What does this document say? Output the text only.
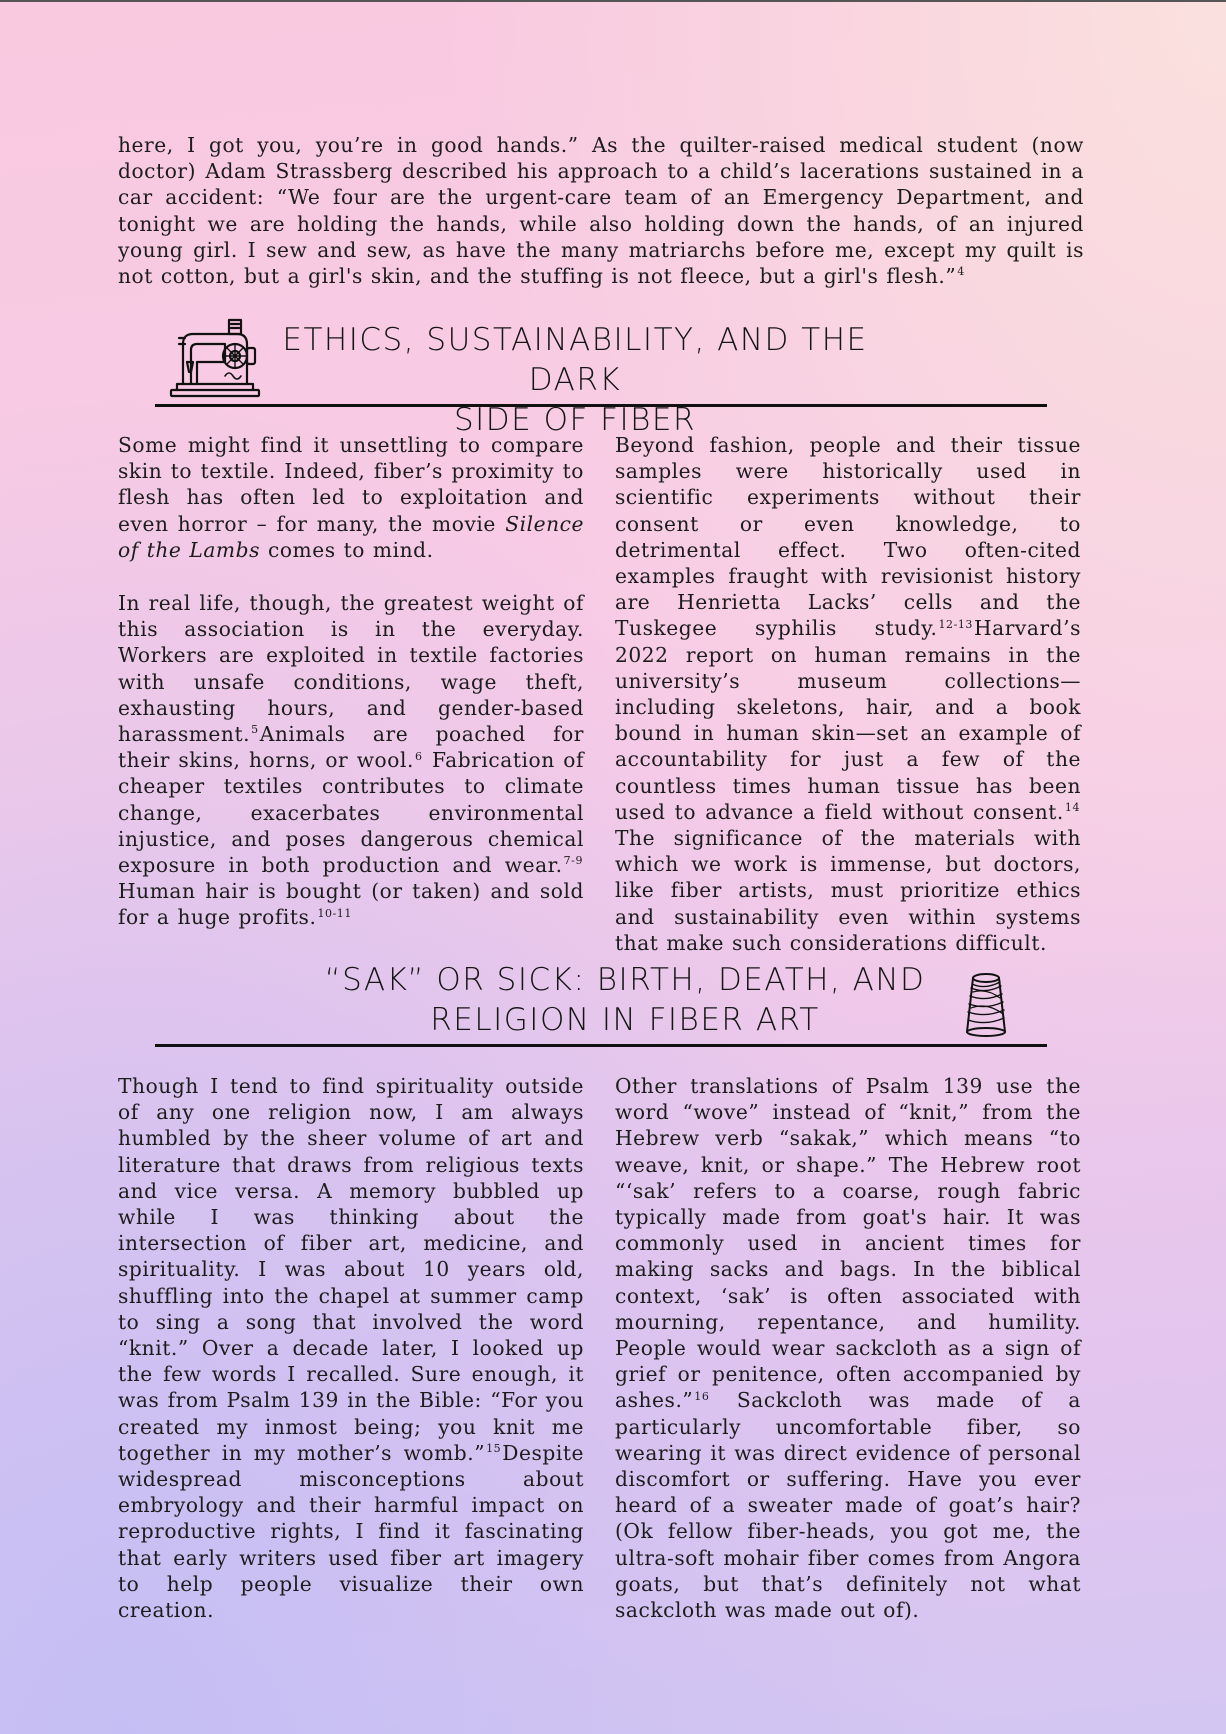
here, I got you, you’re in good hands.” As the quilter-raised medical student (now doctor) Adam Strassberg described his approach to a child’s lacerations sustained in a car accident: “We four are the urgent-care team of an Emergency Department, and tonight we are holding the hands, while also holding down the hands, of an injured young girl. I sew and sew, as have the many matriarchs before me, except my quilt is not cotton, but a girl's skin, and the stuffing is not fleece, but a girl's flesh.”$^4$

ETHICS, SUSTAINABILITY, AND THE DARK
SIDE OF FIBER

Some might find it unsettling to compare skin to textile. Indeed, fiber’s proximity to flesh has often led to exploitation and even horror – for many, the movie Silence of the Lambs comes to mind.

In real life, though, the greatest weight of this association is in the everyday. Workers are exploited in textile factories with unsafe conditions, wage theft, exhausting hours, and gender-based harassment.$^5$Animals are poached for their skins, horns, or wool.$^6$ Fabrication of cheaper textiles contributes to climate change, exacerbates environmental injustice, and poses dangerous chemical exposure in both production and wear.$^{7-9}$ Human hair is bought (or taken) and sold for a huge profits.$^{10-11}$

Beyond fashion, people and their tissue samples were historically used in scientific experiments without their consent or even knowledge, to detrimental effect. Two often-cited examples fraught with revisionist history are Henrietta Lacks’ cells and the Tuskegee syphilis study.$^{12-13}$Harvard’s 2022 report on human remains in the university’s museum collections—including skeletons, hair, and a book bound in human skin—set an example of accountability for just a few of the countless times human tissue has been used to advance a field without consent.$^{14}$ The significance of the materials with which we work is immense, but doctors, like fiber artists, must prioritize ethics and sustainability even within systems that make such considerations difficult.

“SAK” OR SICK: BIRTH, DEATH, AND
RELIGION IN FIBER ART

Though I tend to find spirituality outside of any one religion now, I am always humbled by the sheer volume of art and literature that draws from religious texts and vice versa. A memory bubbled up while I was thinking about the intersection of fiber art, medicine, and spirituality. I was about 10 years old, shuffling into the chapel at summer camp to sing a song that involved the word “knit.” Over a decade later, I looked up the few words I recalled. Sure enough, it was from Psalm 139 in the Bible: “For you created my inmost being; you knit me together in my mother’s womb.”$^{15}$Despite widespread misconceptions about embryology and their harmful impact on reproductive rights, I find it fascinating that early writers used fiber art imagery to help people visualize their own creation.

Other translations of Psalm 139 use the word “wove” instead of “knit,” from the Hebrew verb “sakak,” which means “to weave, knit, or shape.” The Hebrew root “‘sak’ refers to a coarse, rough fabric typically made from goat's hair. It was commonly used in ancient times for making sacks and bags. In the biblical context, ‘sak’ is often associated with mourning, repentance, and humility. People would wear sackcloth as a sign of grief or penitence, often accompanied by ashes.”$^{16}$ Sackcloth was made of a particularly uncomfortable fiber, so wearing it was direct evidence of personal discomfort or suffering. Have you ever heard of a sweater made of goat’s hair? (Ok fellow fiber-heads, you got me, the ultra-soft mohair fiber comes from Angora goats, but that’s definitely not what sackcloth was made out of).
